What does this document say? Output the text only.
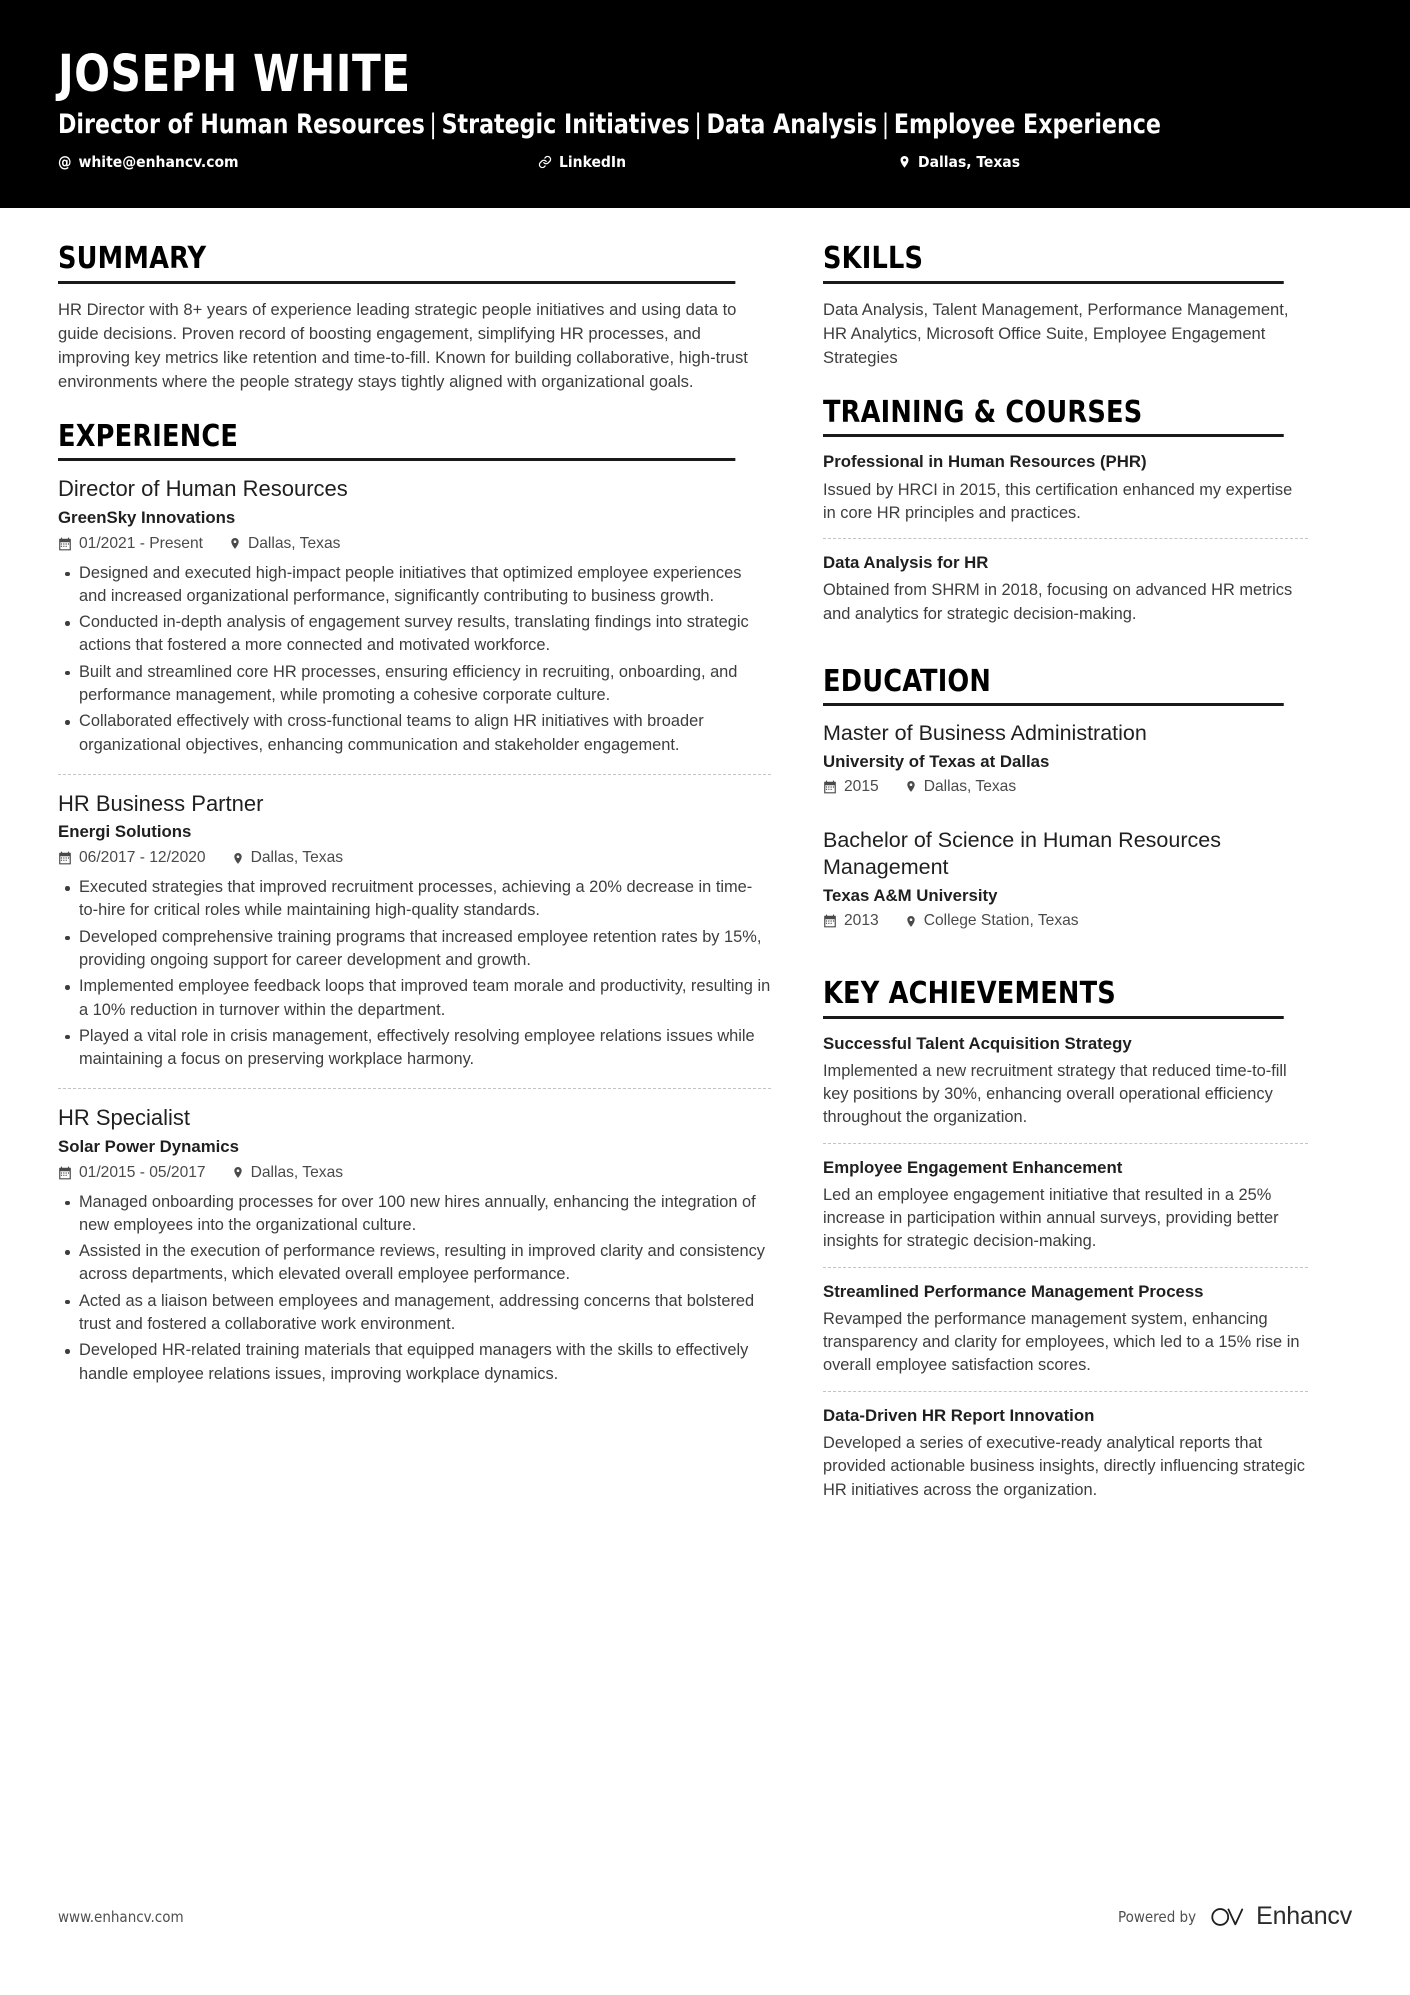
JOSEPH WHITE
Director of Human Resources | Strategic Initiatives | Data Analysis | Employee Experience
@ white@enhancv.com	LinkedIn	Dallas, Texas
SUMMARY
HR Director with 8+ years of experience leading strategic people initiatives and using data to guide decisions. Proven record of boosting engagement, simplifying HR processes, and improving key metrics like retention and time-to-fill. Known for building collaborative, high-trust environments where the people strategy stays tightly aligned with organizational goals.
EXPERIENCE
Director of Human Resources
GreenSky Innovations
01/2021 - Present	Dallas, Texas
Designed and executed high-impact people initiatives that optimized employee experiences and increased organizational performance, significantly contributing to business growth.
Conducted in-depth analysis of engagement survey results, translating findings into strategic actions that fostered a more connected and motivated workforce.
Built and streamlined core HR processes, ensuring efficiency in recruiting, onboarding, and performance management, while promoting a cohesive corporate culture.
Collaborated effectively with cross-functional teams to align HR initiatives with broader organizational objectives, enhancing communication and stakeholder engagement.
HR Business Partner
Energi Solutions
06/2017 - 12/2020	Dallas, Texas
Executed strategies that improved recruitment processes, achieving a 20% decrease in time-to-hire for critical roles while maintaining high-quality standards.
Developed comprehensive training programs that increased employee retention rates by 15%, providing ongoing support for career development and growth.
Implemented employee feedback loops that improved team morale and productivity, resulting in a 10% reduction in turnover within the department.
Played a vital role in crisis management, effectively resolving employee relations issues while maintaining a focus on preserving workplace harmony.
HR Specialist
Solar Power Dynamics
01/2015 - 05/2017	Dallas, Texas
Managed onboarding processes for over 100 new hires annually, enhancing the integration of new employees into the organizational culture.
Assisted in the execution of performance reviews, resulting in improved clarity and consistency across departments, which elevated overall employee performance.
Acted as a liaison between employees and management, addressing concerns that bolstered trust and fostered a collaborative work environment.
Developed HR-related training materials that equipped managers with the skills to effectively handle employee relations issues, improving workplace dynamics.
SKILLS
Data Analysis, Talent Management, Performance Management, HR Analytics, Microsoft Office Suite, Employee Engagement Strategies
TRAINING & COURSES
Professional in Human Resources (PHR)
Issued by HRCI in 2015, this certification enhanced my expertise in core HR principles and practices.
Data Analysis for HR
Obtained from SHRM in 2018, focusing on advanced HR metrics and analytics for strategic decision-making.
EDUCATION
Master of Business Administration
University of Texas at Dallas
2015	Dallas, Texas
Bachelor of Science in Human Resources Management
Texas A&M University
2013	College Station, Texas
KEY ACHIEVEMENTS
Successful Talent Acquisition Strategy
Implemented a new recruitment strategy that reduced time-to-fill key positions by 30%, enhancing overall operational efficiency throughout the organization.
Employee Engagement Enhancement
Led an employee engagement initiative that resulted in a 25% increase in participation within annual surveys, providing better insights for strategic decision-making.
Streamlined Performance Management Process
Revamped the performance management system, enhancing transparency and clarity for employees, which led to a 15% rise in overall employee satisfaction scores.
Data-Driven HR Report Innovation
Developed a series of executive-ready analytical reports that provided actionable business insights, directly influencing strategic HR initiatives across the organization.
www.enhancv.com	Powered by Enhancv
